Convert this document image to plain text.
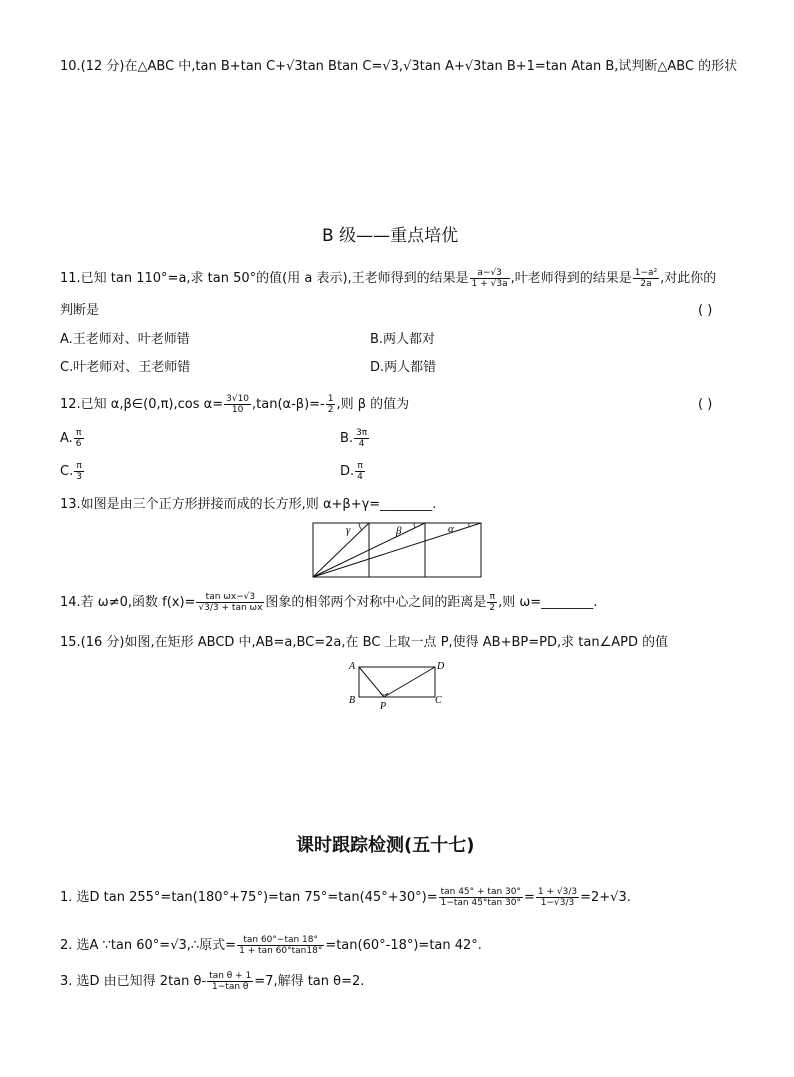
10.(12 分)在△ABC 中,tan B+tan C+√3tan Btan C=√3,√3tan A+√3tan B+1=tan Atan B,试判断△ABC 的形状
B 级——重点培优
11.已知 tan 110°=a,求 tan 50°的值(用 a 表示),王老师得到的结果是 $\frac{a-√3}{1 + √3a}$ ,叶老师得到的结果是 $\frac{\text{1−a²}}{2a}$ ,对此你的
判断是	( )
A.王老师对、叶老师错	B.两人都对
C.叶老师对、王老师错	D.两人都错
12.已知 α,β∈(0,π),cos $\alpha= \frac{3√10}{10} ,\tan(\alpha-\beta)=- \frac{1}{2}$ ,则 β 的值为	( )
A. $\frac{\pi}{6}$	B. $\frac{3\pi}{4}$
C. $\frac{\pi}{3}$	D. $\frac{\pi}{4}$
13.如图是由三个正方形拼接而成的长方形,则 α+β+γ=________.
γ	β	α
14.若 ω≠0,函数 $f(x)= \frac{\text{tan ωx−√3}}{\text{√3/3 + tan ωx}}$ 图象的相邻两个对称中心之间的距离是 $\frac{\pi}{2}$ ,则 ω=________.
15.(16 分)如图,在矩形 ABCD 中,AB=a,BC=2a,在 BC 上取一点 P,使得 AB+BP=PD,求 tan∠APD 的值
A	D
B
P
C
课时跟踪检测(五十七)
1. 选D tan 255°=tan(180°+75°)=tan $75^\circ=\tan(45^\circ+30^\circ)= \frac{\tan 45^\circ + \tan 30^\circ}{1-\tan 45^\circ\tan 30^\circ} = \frac{1 + √3/3}{1-√3/3} =2+√3$.
2. 选A ∵tan 60°=√3,∴原式= $\frac{\tan 60^\circ-\tan 18^\circ}{1 + \tan 60^\circ\tan 18^\circ} =\tan(60^\circ-18^\circ)=\tan$ 42°.
3. 选D 由已知得 2tan $\theta- \frac{\text{tan θ + 1}}{\text{1−tan θ}} =7$,解得 tan θ=2.
